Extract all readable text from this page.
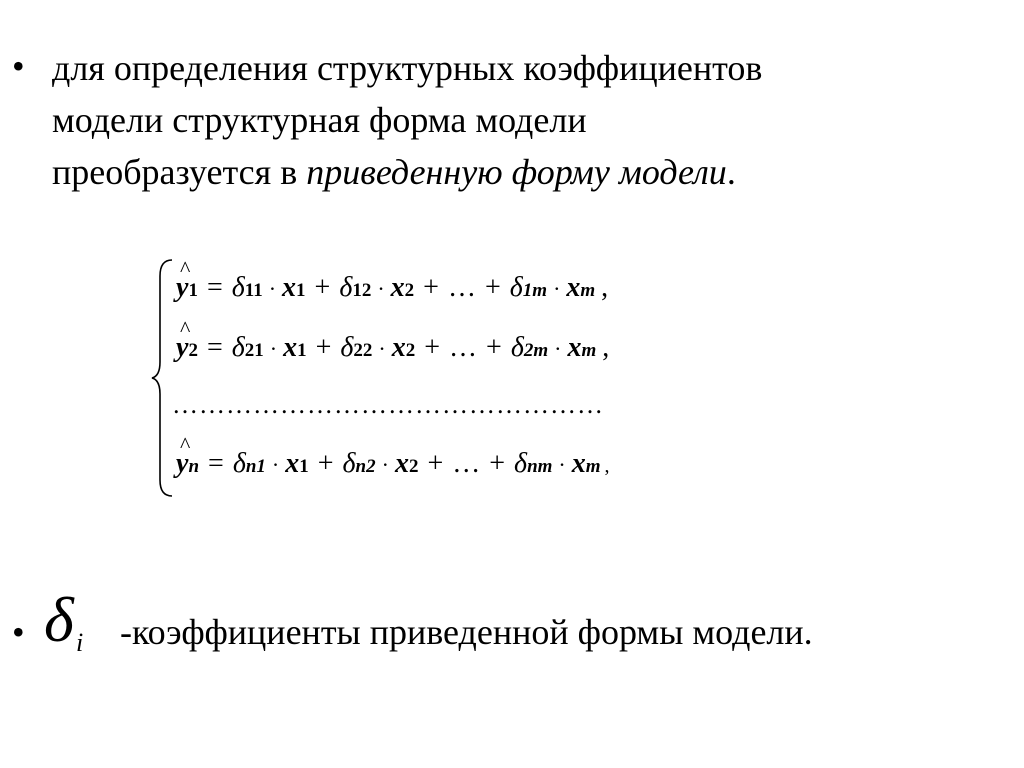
•
•
для определения структурных коэффициентов
модели структурная форма модели
преобразуется в приведенную форму модели.
^
y 1 = δ 11 · x 1 + δ 12 · x 2 + … + δ 1m · x m ,
^
y 2 = δ 21 · x 1 + δ 22 · x 2 + … + δ 2m · x m ,
…………………………………………
^
y n = δ n1 · x 1 + δ n2 · x 2 + … + δ nm · x m ,
δ i -коэффициенты приведенной формы модели.
